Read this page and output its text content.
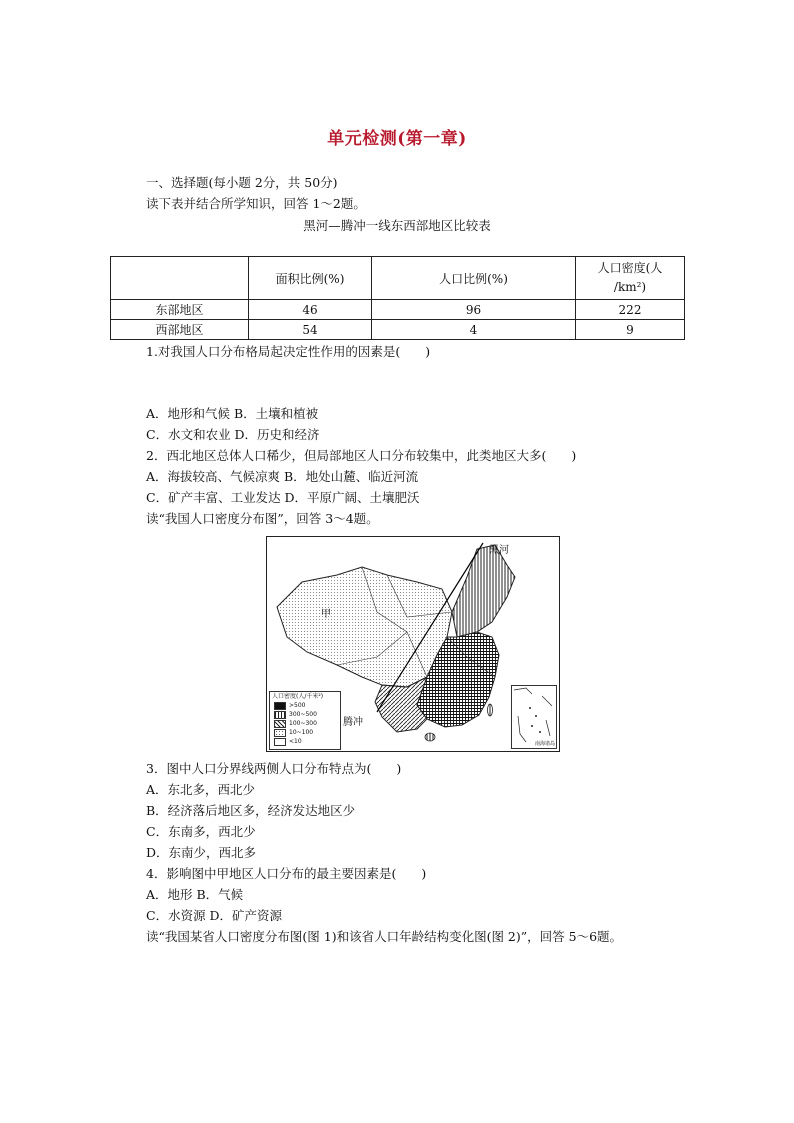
单元检测(第一章)
一、选择题(每小题 2分，共 50分)
读下表并结合所学知识，回答 1～2题。
黑河—腾冲一线东西部地区比较表
	面积比例(%)	人口比例(%)	人口密度(人
/km²)

东部地区	46	96	222
西部地区	54	4	9
1.对我国人口分布格局起决定性作用的因素是(　　)
A．地形和气候 B．土壤和植被
C．水文和农业 D．历史和经济
2．西北地区总体人口稀少，但局部地区人口分布较集中，此类地区大多(　　)
A．海拔较高、气候凉爽 B．地处山麓、临近河流
C．矿产丰富、工业发达 D．平原广阔、土壤肥沃
读“我国人口密度分布图”，回答 3～4题。
黑河
腾冲
甲
人口密度(人/千米²)
>500
300~500
100~300
10~100
<10	南海诸岛
3．图中人口分界线两侧人口分布特点为(　　)
A．东北多，西北少
B．经济落后地区多，经济发达地区少
C．东南多，西北少
D．东南少，西北多
4．影响图中甲地区人口分布的最主要因素是(　　)
A．地形 B．气候
C．水资源 D．矿产资源
读“我国某省人口密度分布图(图 1)和该省人口年龄结构变化图(图 2)”，回答 5～6题。
